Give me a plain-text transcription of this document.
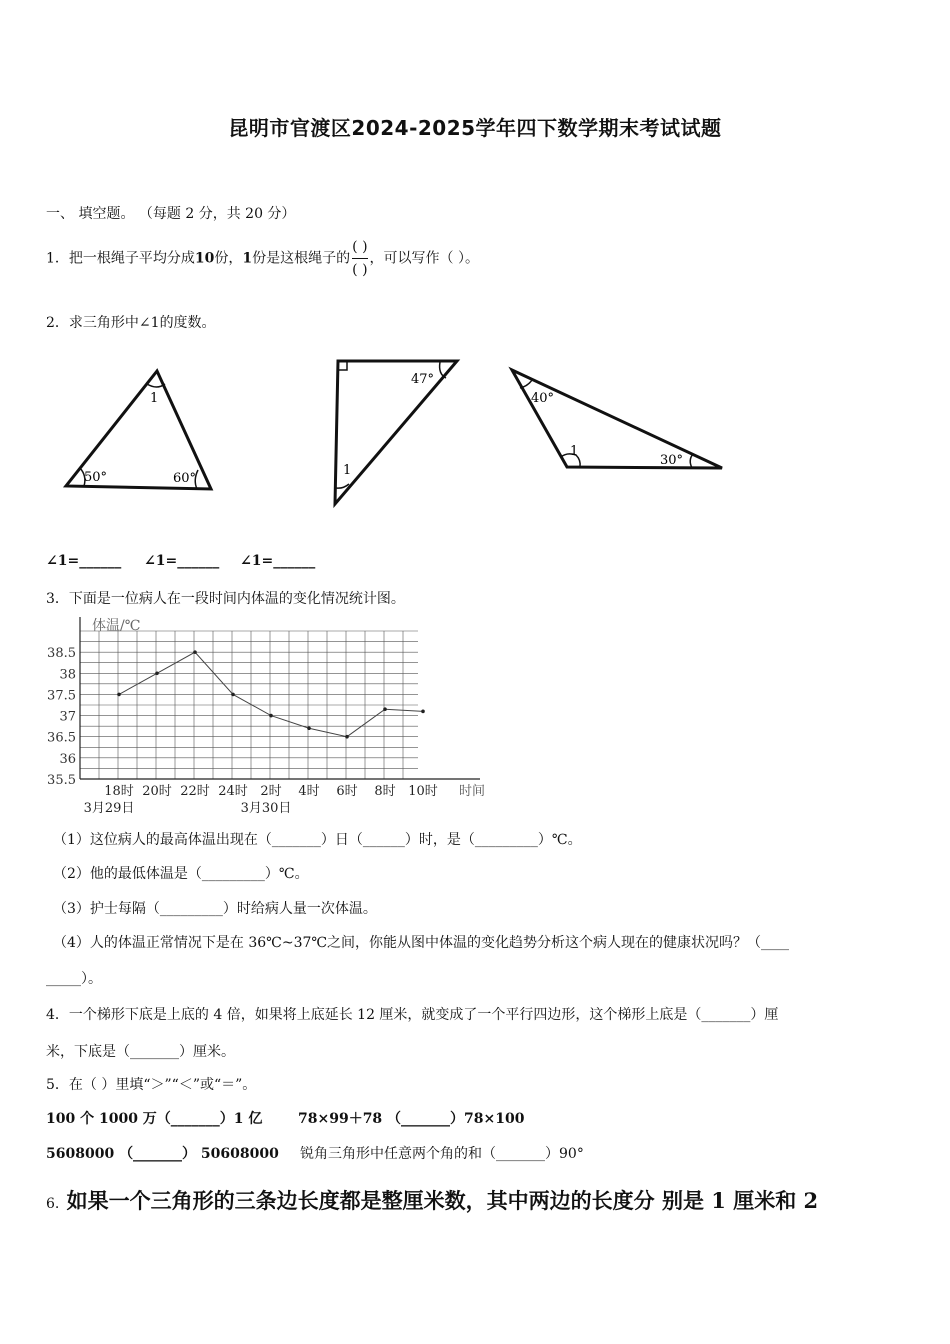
昆明市官渡区2024-2025学年四下数学期末考试试题
一、 填空题。 （每题 2 分，共 20 分）
1．把一根绳子平均分成10份，1份是这根绳子的 $\frac{( )}{( )}$ ，可以写作（ ）。
2．求三角形中∠1的度数。
1
50°	60°
47°
1
40°
1
30°
∠1=______ ∠1=______ ∠1=______
3．下面是一位病人在一段时间内体温的变化情况统计图。
体温/℃
35.5
36
36.5
37
37.5
38
38.5
18时 20时 22时 24时 2时 4时 6时 8时 10时 时间
3月29日	3月30日
（1）这位病人的最高体温出现在（_______）日（______）时，是（_________）℃。
（2）他的最低体温是（_________）℃。
（3）护士每隔（_________）时给病人量一次体温。
（4）人的体温正常情况下是在 36℃~37℃之间，你能从图中体温的变化趋势分析这个病人现在的健康状况吗？（____
_____）。
4．一个梯形下底是上底的 4 倍，如果将上底延长 12 厘米，就变成了一个平行四边形，这个梯形上底是（_______）厘
米，下底是（_______）厘米。
5．在（ ）里填“＞”“＜”或“＝”。
100 个 1000 万（_______）1 亿	78×99＋78 （_______）78×100
5608000 （_______） 50608000 锐角三角形中任意两个角的和（_______）90°
6. 如果一个三角形的三条边长度都是整厘米数，其中两边的长度分 别是 1 厘米和 2
